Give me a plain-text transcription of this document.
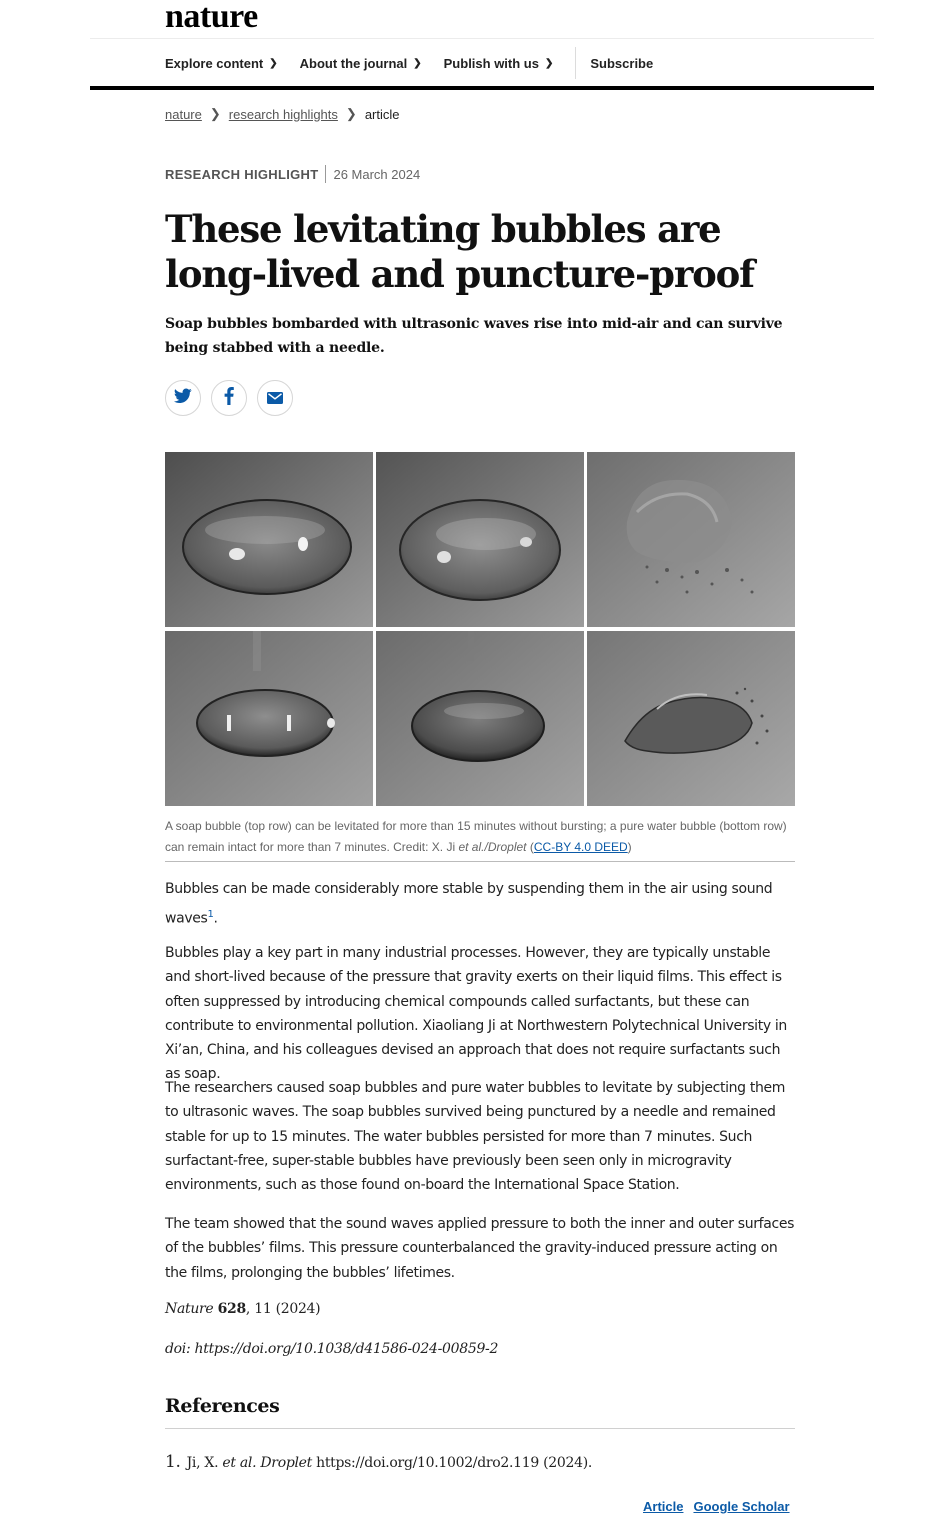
nature
Explore content ❯ About the journal ❯ Publish with us ❯	Subscribe
nature ❯ research highlights ❯ article
RESEARCH HIGHLIGHT 26 March 2024
These levitating bubbles are long-lived and puncture-proof

Soap bubbles bombarded with ultrasonic waves rise into mid-air and can survive being stabbed with a needle.

A soap bubble (top row) can be levitated for more than 15 minutes without bursting; a pure water bubble (bottom row) can remain intact for more than 7 minutes. Credit: X. Ji et al./Droplet (CC-BY 4.0 DEED)

Bubbles can be made considerably more stable by suspending them in the air using sound waves$^1$.

Bubbles play a key part in many industrial processes. However, they are typically unstable and short-lived because of the pressure that gravity exerts on their liquid films. This effect is often suppressed by introducing chemical compounds called surfactants, but these can contribute to environmental pollution. Xiaoliang Ji at Northwestern Polytechnical University in Xi’an, China, and his colleagues devised an approach that does not require surfactants such as soap.

The researchers caused soap bubbles and pure water bubbles to levitate by subjecting them to ultrasonic waves. The soap bubbles survived being punctured by a needle and remained stable for up to 15 minutes. The water bubbles persisted for more than 7 minutes. Such surfactant-free, super-stable bubbles have previously been seen only in microgravity environments, such as those found on-board the International Space Station.

The team showed that the sound waves applied pressure to both the inner and outer surfaces of the bubbles’ films. This pressure counterbalanced the gravity-induced pressure acting on the films, prolonging the bubbles’ lifetimes.

Nature 628, 11 (2024)

doi: https://doi.org/10.1038/d41586-024-00859-2

References
1. Ji, X. et al. Droplet https://doi.org/10.1002/dro2.119 (2024).
Article Google Scholar
